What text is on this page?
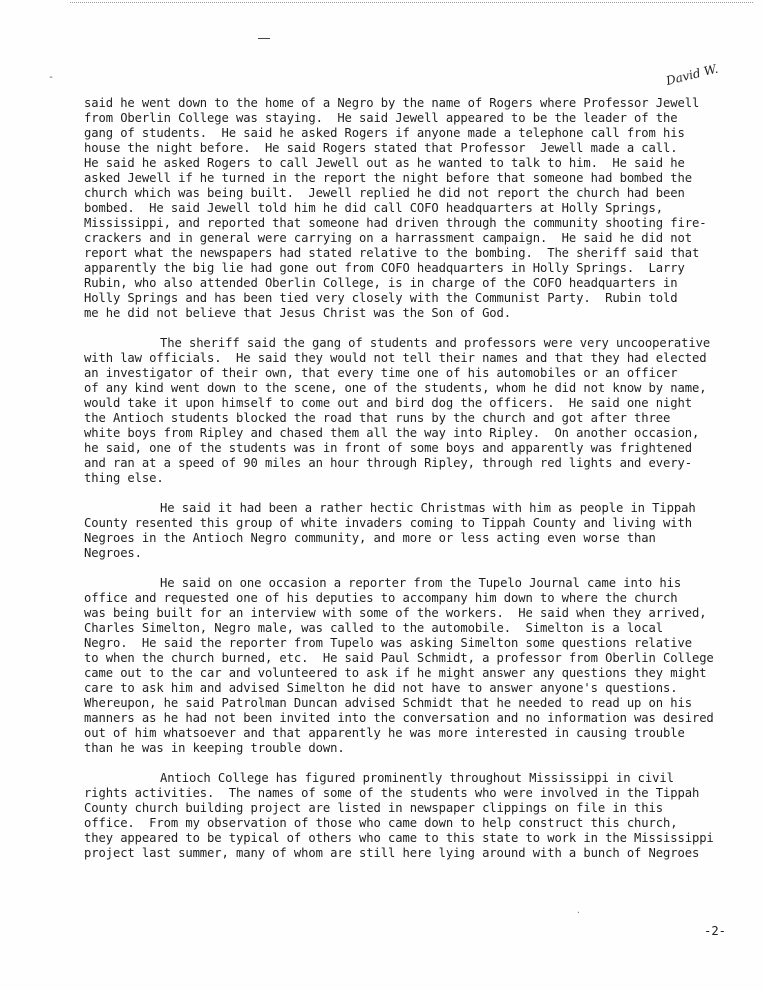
-	David W.
said he went down to the home of a Negro by the name of Rogers where Professor Jewell
from Oberlin College was staying.  He said Jewell appeared to be the leader of the
gang of students.  He said he asked Rogers if anyone made a telephone call from his
house the night before.  He said Rogers stated that Professor  Jewell made a call.
He said he asked Rogers to call Jewell out as he wanted to talk to him.  He said he
asked Jewell if he turned in the report the night before that someone had bombed the
church which was being built.  Jewell replied he did not report the church had been
bombed.  He said Jewell told him he did call COFO headquarters at Holly Springs,
Mississippi, and reported that someone had driven through the community shooting fire-
crackers and in general were carrying on a harrassment campaign.  He said he did not
report what the newspapers had stated relative to the bombing.  The sheriff said that
apparently the big lie had gone out from COFO headquarters in Holly Springs.  Larry
Rubin, who also attended Oberlin College, is in charge of the COFO headquarters in
Holly Springs and has been tied very closely with the Communist Party.  Rubin told
me he did not believe that Jesus Christ was the Son of God.
The sheriff said the gang of students and professors were very uncooperative
with law officials.  He said they would not tell their names and that they had elected
an investigator of their own, that every time one of his automobiles or an officer
of any kind went down to the scene, one of the students, whom he did not know by name,
would take it upon himself to come out and bird dog the officers.  He said one night
the Antioch students blocked the road that runs by the church and got after three
white boys from Ripley and chased them all the way into Ripley.  On another occasion,
he said, one of the students was in front of some boys and apparently was frightened
and ran at a speed of 90 miles an hour through Ripley, through red lights and every-
thing else.
He said it had been a rather hectic Christmas with him as people in Tippah
County resented this group of white invaders coming to Tippah County and living with
Negroes in the Antioch Negro community, and more or less acting even worse than
Negroes.
He said on one occasion a reporter from the Tupelo Journal came into his
office and requested one of his deputies to accompany him down to where the church
was being built for an interview with some of the workers.  He said when they arrived,
Charles Simelton, Negro male, was called to the automobile.  Simelton is a local
Negro.  He said the reporter from Tupelo was asking Simelton some questions relative
to when the church burned, etc.  He said Paul Schmidt, a professor from Oberlin College
came out to the car and volunteered to ask if he might answer any questions they might
care to ask him and advised Simelton he did not have to answer anyone's questions.
Whereupon, he said Patrolman Duncan advised Schmidt that he needed to read up on his
manners as he had not been invited into the conversation and no information was desired
out of him whatsoever and that apparently he was more interested in causing trouble
than he was in keeping trouble down.
Antioch College has figured prominently throughout Mississippi in civil
rights activities.  The names of some of the students who were involved in the Tippah
County church building project are listed in newspaper clippings on file in this
office.  From my observation of those who came down to help construct this church,
they appeared to be typical of others who came to this state to work in the Mississippi
project last summer, many of whom are still here lying around with a bunch of Negroes
·
-2-
